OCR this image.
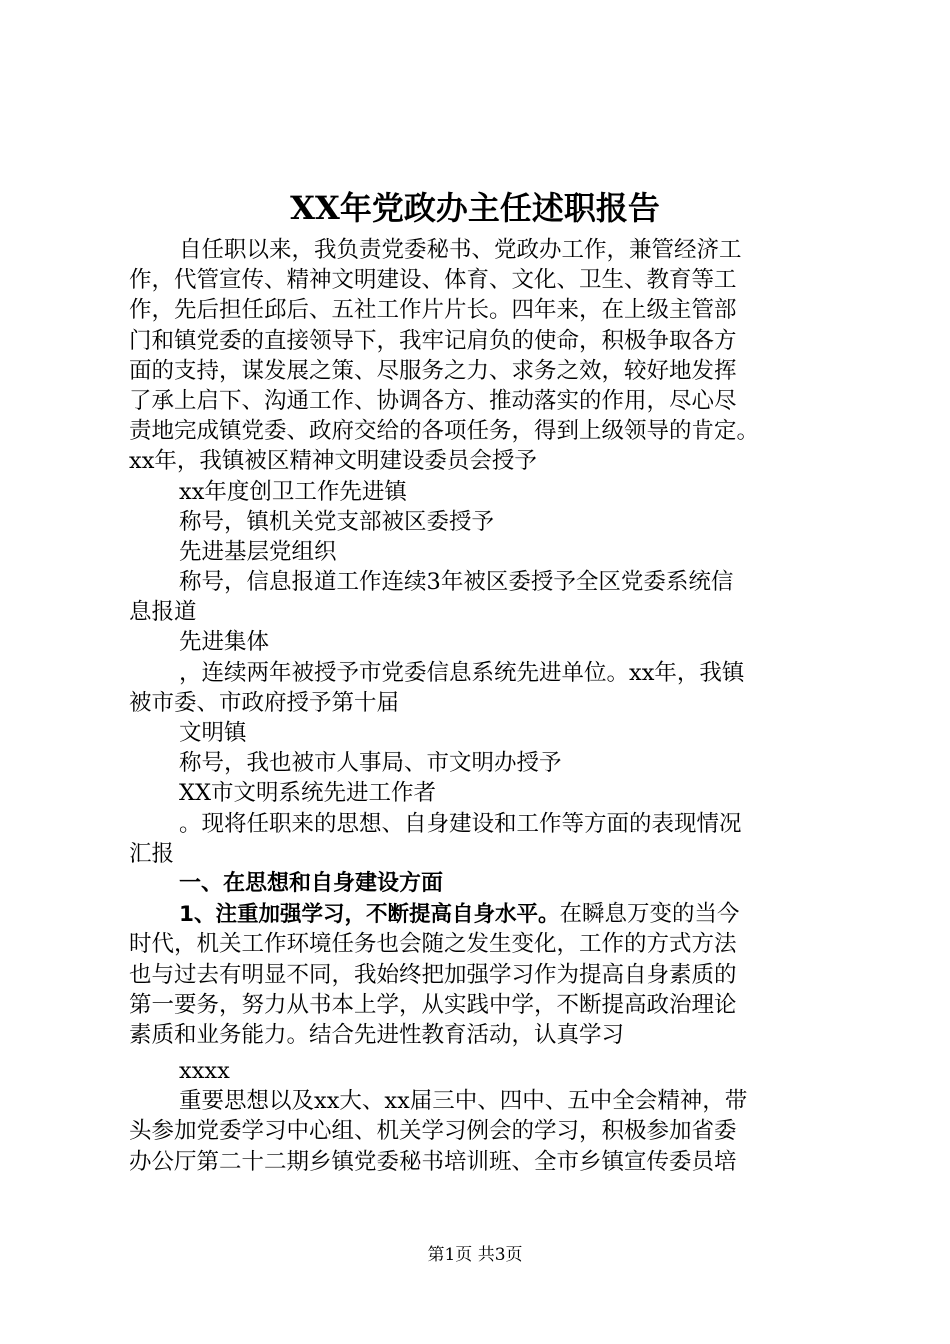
XX年党政办主任述职报告
自任职以来，我负责党委秘书、党政办工作，兼管经济工
作，代管宣传、精神文明建设、体育、文化、卫生、教育等工
作，先后担任邱后、五社工作片片长。四年来，在上级主管部
门和镇党委的直接领导下，我牢记肩负的使命，积极争取各方
面的支持，谋发展之策、尽服务之力、求务之效，较好地发挥
了承上启下、沟通工作、协调各方、推动落实的作用，尽心尽
责地完成镇党委、政府交给的各项任务，得到上级领导的肯定。
xx年，我镇被区精神文明建设委员会授予
xx年度创卫工作先进镇
称号，镇机关党支部被区委授予
先进基层党组织
称号，信息报道工作连续3年被区委授予全区党委系统信
息报道
先进集体
，连续两年被授予市党委信息系统先进单位。xx年，我镇
被市委、市政府授予第十届
文明镇
称号，我也被市人事局、市文明办授予
XX市文明系统先进工作者
。现将任职来的思想、自身建设和工作等方面的表现情况
汇报
一、在思想和自身建设方面
1、注重加强学习，不断提高自身水平。在瞬息万变的当今
时代，机关工作环境任务也会随之发生变化，工作的方式方法
也与过去有明显不同，我始终把加强学习作为提高自身素质的
第一要务，努力从书本上学，从实践中学，不断提高政治理论
素质和业务能力。结合先进性教育活动，认真学习
xxxx
重要思想以及xx大、xx届三中、四中、五中全会精神，带
头参加党委学习中心组、机关学习例会的学习，积极参加省委
办公厅第二十二期乡镇党委秘书培训班、全市乡镇宣传委员培
第1页 共3页
